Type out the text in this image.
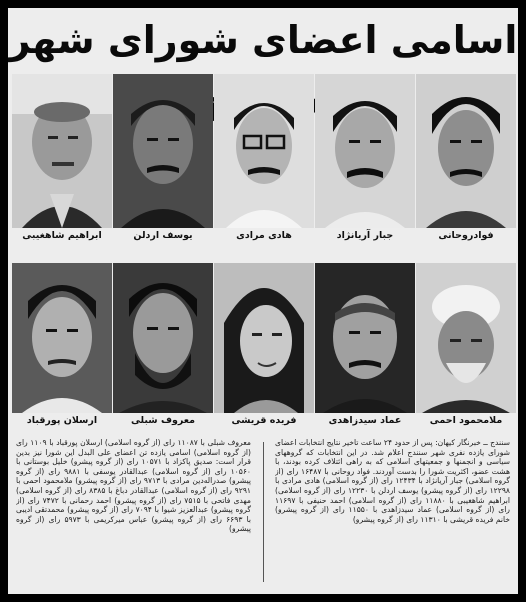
اسامی اعضای شورای شهر
ابراهیم شاهغیبی	یوسف اردلن	هادی مرادی	جبار آریانژاد	فوادروحانی
ارسلان پورقباد	معروف شبلی	فریده قریشی	عماد سیدزاهدی	ملامحمود احمی

سنندج ــ خبرنگار کیهان: پس از حدود ۲۴ ساعت تاخیر نتایج انتخابات اعضای شورای یازده نفری شهر سنندج اعلام شد. در این انتخابات که گروههای سیاسی و انجمنها و جمعیتهای اسلامی که به راهی ائتلاف کرده بودند، با هشت عضو، اکثریت شورا را بدست آوردند. فواد روحانی با ۱۶۴۸۷ رای (از گروه اسلامی) جبار آریانژاد با ۱۲۴۳۴ رای (از گروه اسلامی) هادی مرادی با ۱۲۲۹۸ رای (از گروه پیشرو) یوسف اردلن با ۱۲۲۳۰ رای (از گروه اسلامی) ابراهیم شاهغیبی با ۱۱۸۸۰ رای (از گروه اسلامی) احمد حنیفی با ۱۱۶۹۷ رای (از گروه اسلامی) عماد سیدزاهدی با ۱۱۵۵۰ رای (از گروه پیشرو) خانم فریده قریشی با ۱۱۳۱۰ رای (از گروه پیشرو)

معروف شبلی با ۱۱۰۸۷ رای (از گروه اسلامی) ارسلان پورقباد با ۱۱۰۹ رای (از گروه اسلامی) اسامی یازده تن اعضای علی البدل این شورا نیز بدین قرار است: صدیق پاکزاد با ۱۰۵۷۱ رای (از گروه پیشرو) خلیل بوستانی با ۱۰۵۶۰ رای (از گروه اسلامی) عبدالقادر یوسفی با ۹۸۸۱ رای (از گروه پیشرو) صدراله‌دین مرادی با ۹۷۱۳ رای (از گروه پیشرو) ملامحمود احمی با ۹۲۹۱ رای (از گروه اسلامی) عبدالقادر دباغ با ۸۳۸۵ رای (از گروه اسلامی) مهدی فاتحی با ۷۵۱۵ رای (از گروه پیشرو) احمد رحمانی با ۷۴۷۲ رای (از گروه پیشرو) عبدالعزیز شیوا با ۷۰۹۴ رای (از گروه پیشرو) محمدتقی ادیبی با ۶۶۹۳ رای (از گروه پیشرو) عباس میرکریمی با ۵۹۷۳ رای (از گروه پیشرو)
